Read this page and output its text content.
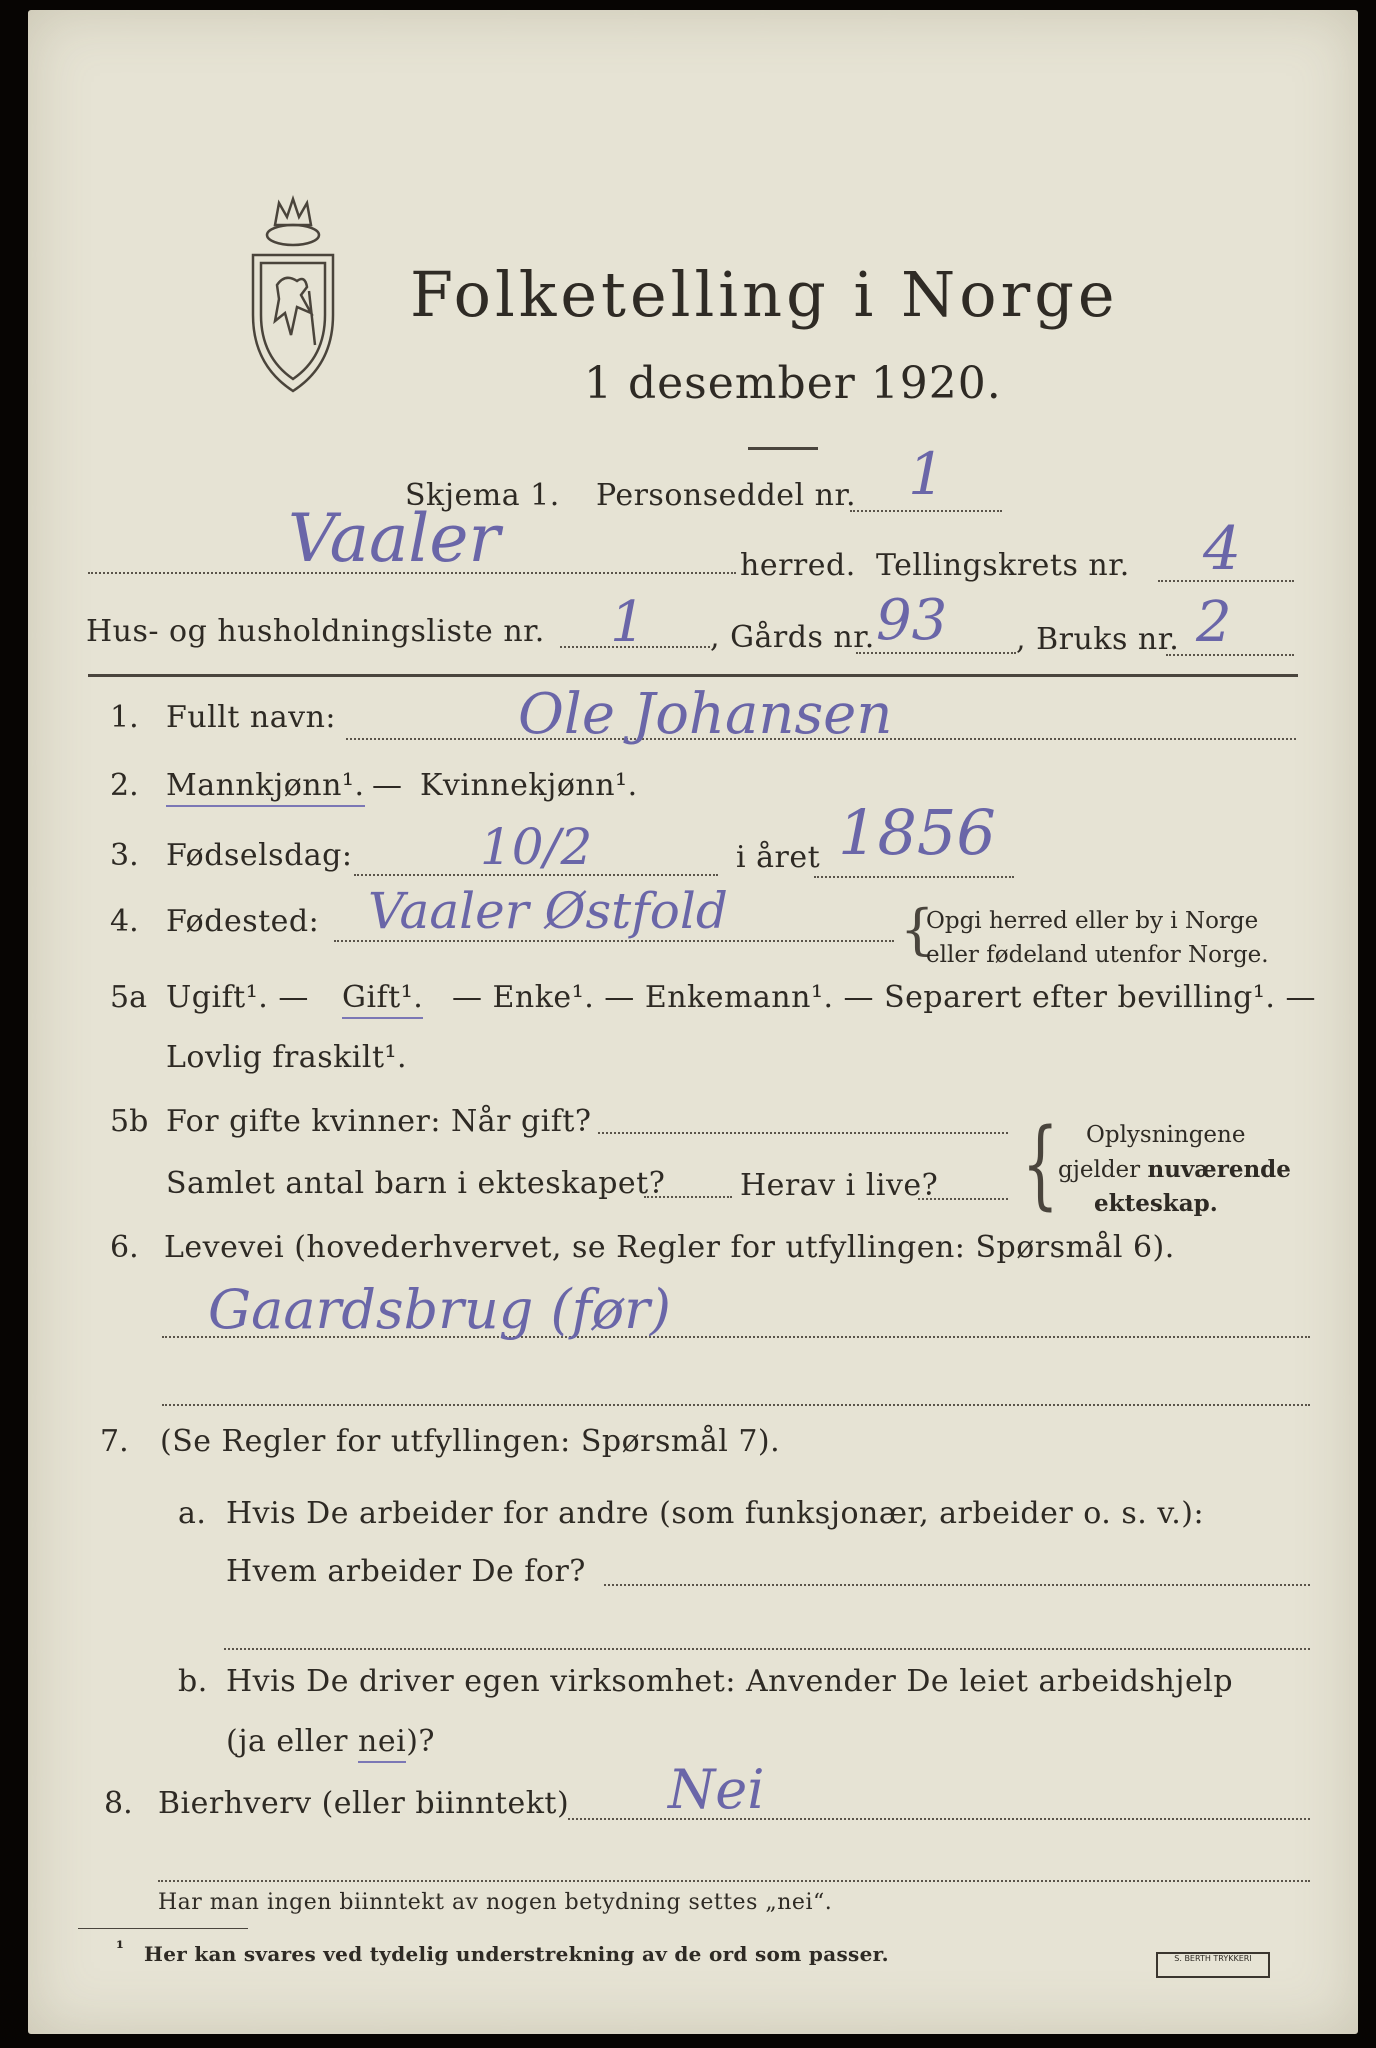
Folketelling i Norge
1 desember 1920.
Skjema 1. Personseddel nr. 1
Vaaler	herred. Tellingskrets nr. 4
Hus- og husholdningsliste nr. 1 , Gårds nr. 93 , Bruks nr. 2
1. Fullt navn:	Ole Johansen
2. Mannkjønn¹. — Kvinnekjønn¹.
3. Fødselsdag:	10/2	i året 1856
4. Fødested: Vaaler Østfold	{
Opgi herred eller by i Norge
eller fødeland utenfor Norge.
5a Ugift¹. — Gift¹. — Enke¹. — Enkemann¹. — Separert efter bevilling¹. —
Lovlig fraskilt¹.
5b For gifte kvinner: Når gift?
Samlet antal barn i ekteskapet? Herav i live? { Oplysningene
gjelder nuværende
ekteskap.
6. Levevei (hovederhvervet, se Regler for utfyllingen: Spørsmål 6).
Gaardsbrug (før)
7. (Se Regler for utfyllingen: Spørsmål 7).
a. Hvis De arbeider for andre (som funksjonær, arbeider o. s. v.):
Hvem arbeider De for?
b. Hvis De driver egen virksomhet: Anvender De leiet arbeidshjelp
(ja eller nei)?
8. Bierhverv (eller biinntekt) Nei
Har man ingen biinntekt av nogen betydning settes „nei“.
¹ Her kan svares ved tydelig understrekning av de ord som passer.	S. BERTH TRYKKERI
